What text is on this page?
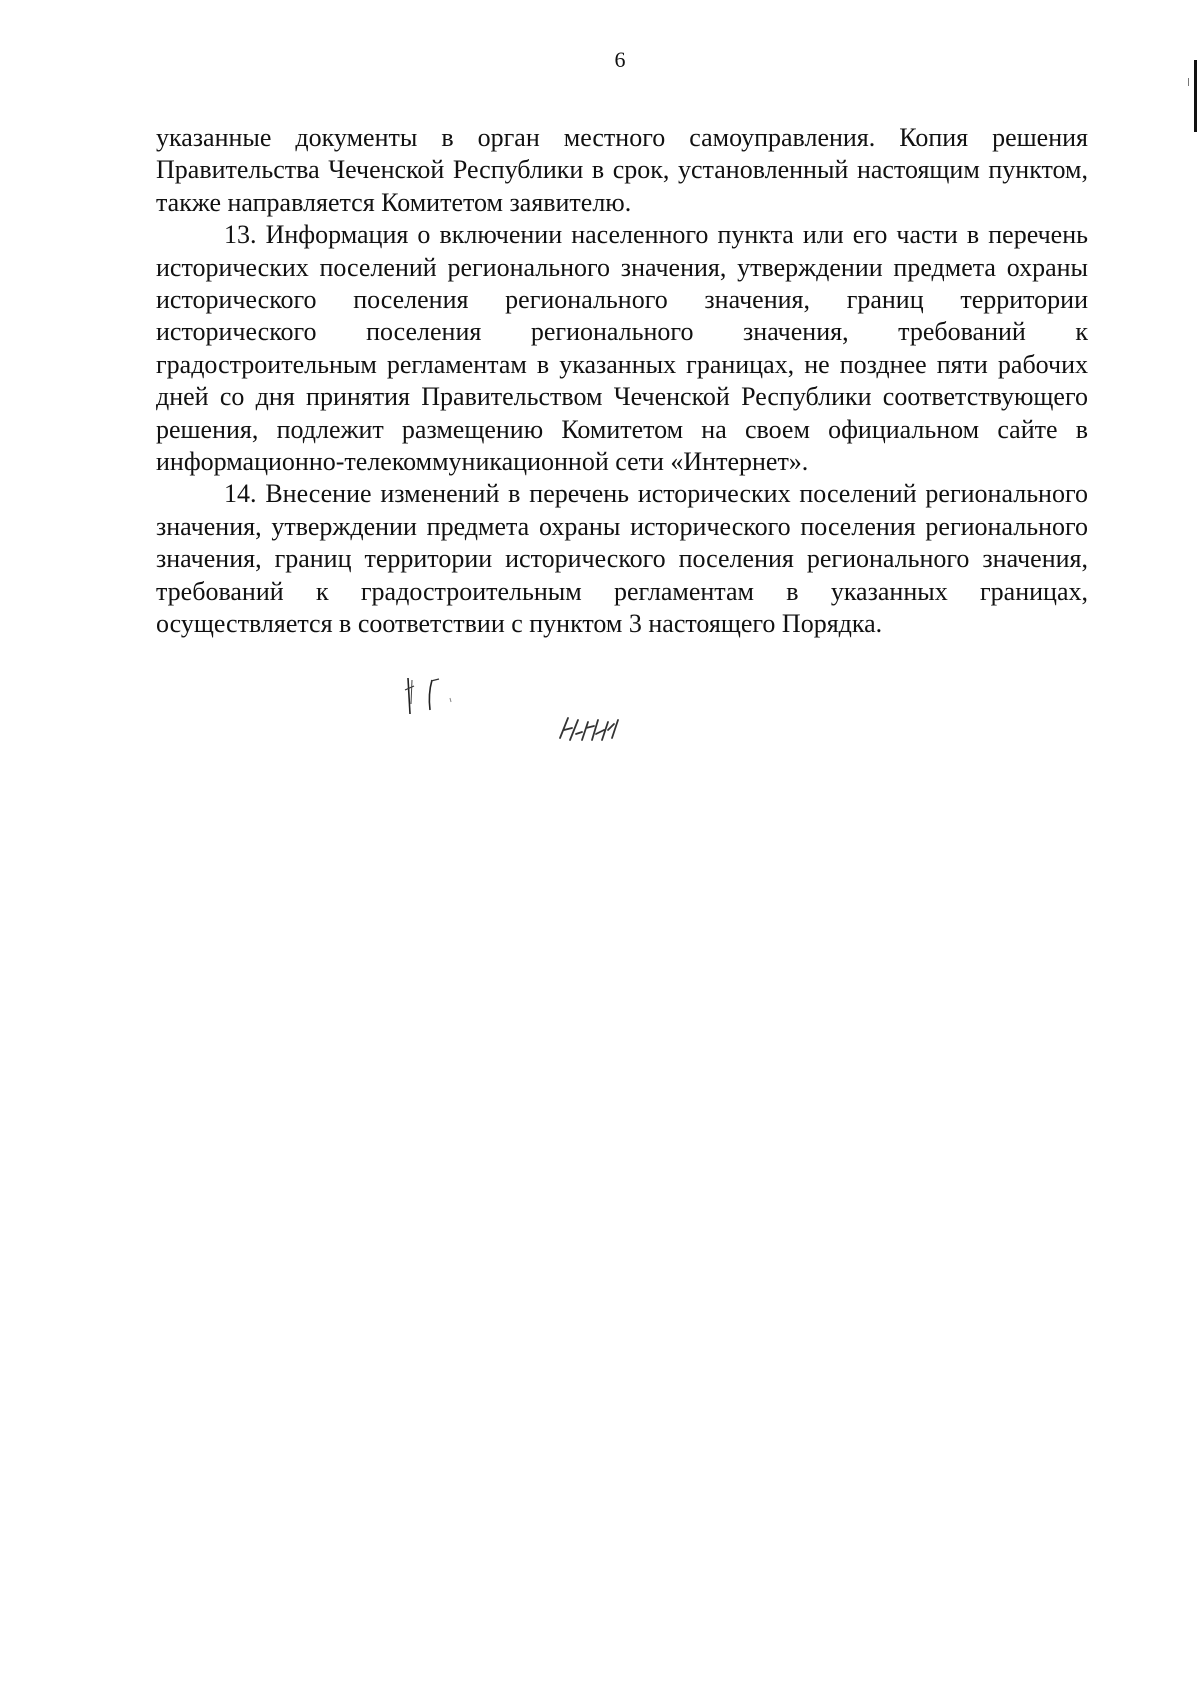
6

указанные документы в орган местного самоуправления. Копия решения Правительства Чеченской Республики в срок, установленный настоящим пунктом, также направляется Комитетом заявителю.

13. Информация о включении населенного пункта или его части в перечень исторических поселений регионального значения, утверждении предмета охраны исторического поселения регионального значения, границ территории исторического поселения регионального значения, требований к градостроительным регламентам в указанных границах, не позднее пяти рабочих дней со дня принятия Правительством Чеченской Республики соответствующего решения, подлежит размещению Комитетом на своем официальном сайте в информационно-телекоммуникационной сети «Интернет».

14. Внесение изменений в перечень исторических поселений регионального значения, утверждении предмета охраны исторического поселения регионального значения, границ территории исторического поселения регионального значения, требований к градостроительным регламентам в указанных границах, осуществляется в соответствии с пунктом 3 настоящего Порядка.
